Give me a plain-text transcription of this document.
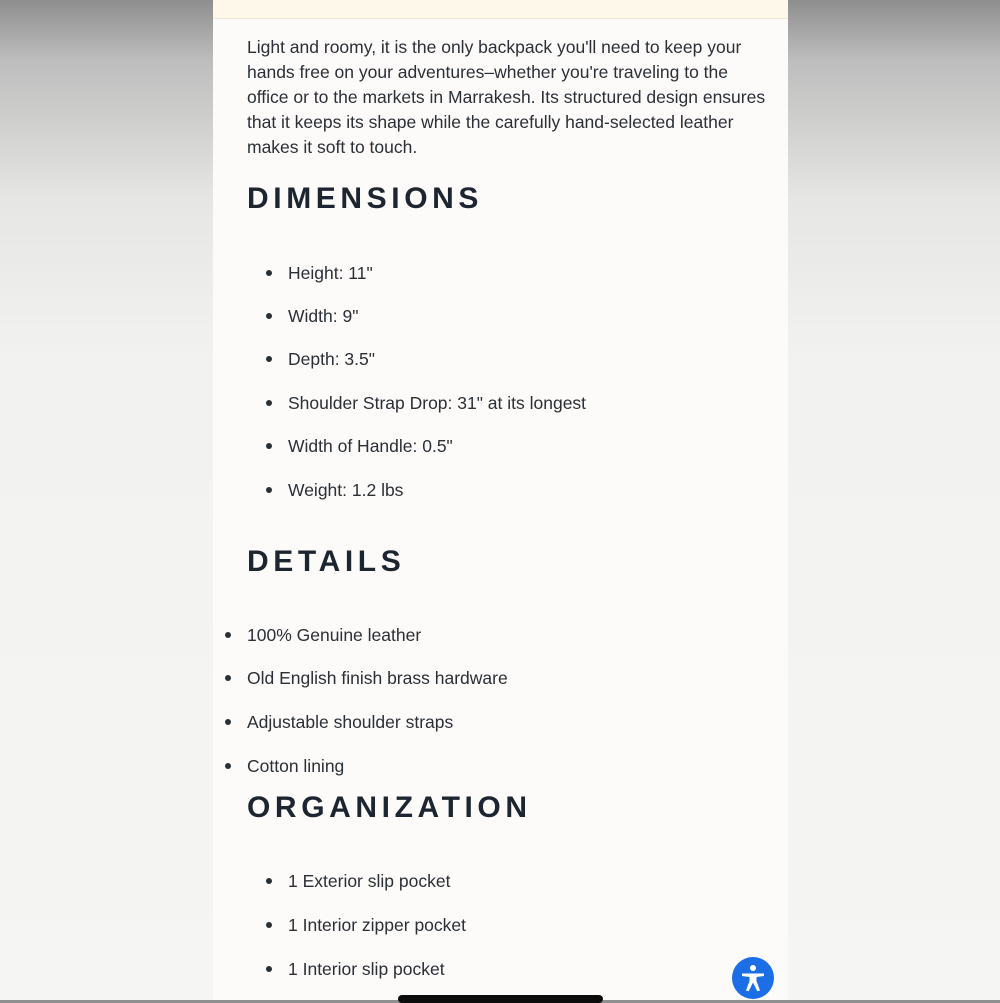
Light and roomy, it is the only backpack you'll need to keep your hands free on your adventures–whether you're traveling to the office or to the markets in Marrakesh. Its structured design ensures that it keeps its shape while the carefully hand-selected leather makes it soft to touch.

DIMENSIONS
Height: 11"
Width: 9"
Depth: 3.5"
Shoulder Strap Drop: 31" at its longest
Width of Handle: 0.5"
Weight: 1.2 lbs
DETAILS
100% Genuine leather
Old English finish brass hardware
Adjustable shoulder straps
Cotton lining
ORGANIZATION
1 Exterior slip pocket
1 Interior zipper pocket
1 Interior slip pocket
